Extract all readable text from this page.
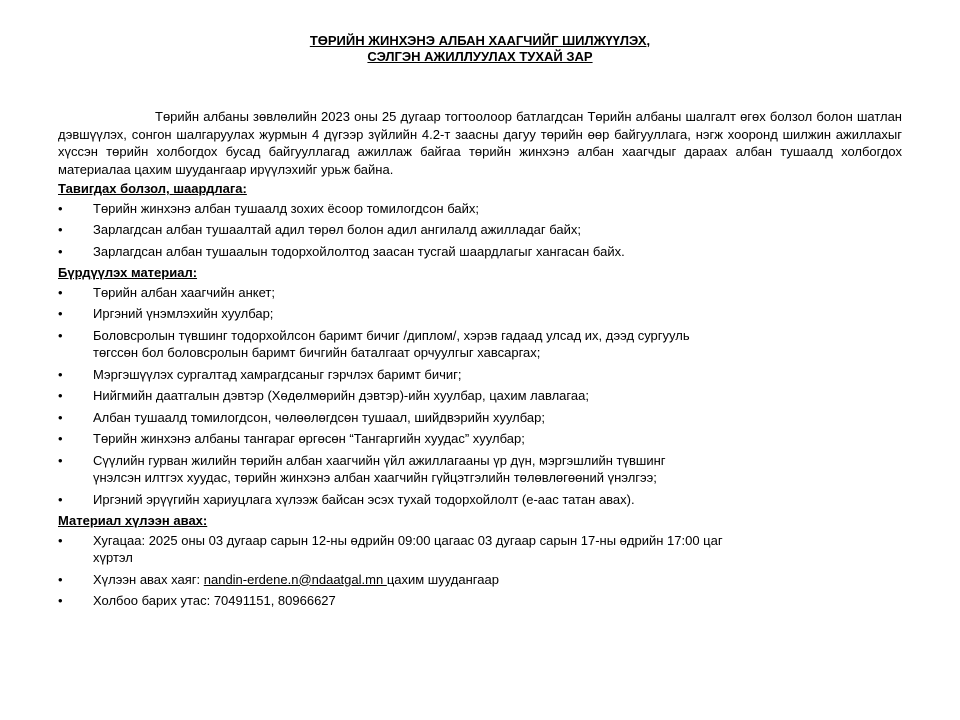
ТӨРИЙН ЖИНХЭНЭ АЛБАН ХААГЧИЙГ ШИЛЖҮҮЛЭХ,
СЭЛГЭН АЖИЛЛУУЛАХ ТУХАЙ ЗАР
Төрийн албаны зөвлөлийн 2023 оны 25 дугаар тогтоолоор батлагдсан Төрийн албаны шалгалт өгөх болзол болон шатлан дэвшүүлэх, сонгон шалгаруулах журмын 4 дүгээр зүйлийн 4.2-т заасны дагуу төрийн өөр байгууллага, нэгж хооронд шилжин ажиллахыг хүссэн төрийн холбогдох бусад байгууллагад ажиллаж байгаа төрийн жинхэнэ албан хаагчдыг дараах албан тушаалд холбогдох материалаа цахим шуудангаар ирүүлэхийг урьж байна.
Тавигдах болзол, шаардлага:
•	Төрийн жинхэнэ албан тушаалд зохих ёсоор томилогдсон байх;
•	Зарлагдсан албан тушаалтай адил төрөл болон адил ангилалд ажилладаг байх;
•	Зарлагдсан албан тушаалын тодорхойлолтод заасан тусгай шаардлагыг хангасан байх.
Бүрдүүлэх материал:
•	Төрийн албан хаагчийн анкет;
•	Иргэний үнэмлэхийн хуулбар;
•	Боловсролын түвшинг тодорхойлсон баримт бичиг /диплом/, хэрэв гадаад улсад их, дээд сургууль төгссөн бол боловсролын баримт бичгийн баталгаат орчуулгыг хавсаргах;
•	Мэргэшүүлэх сургалтад хамрагдсаныг гэрчлэх баримт бичиг;
•	Нийгмийн даатгалын дэвтэр (Хөдөлмөрийн дэвтэр)-ийн хуулбар, цахим лавлагаа;
•	Албан тушаалд томилогдсон, чөлөөлөгдсөн тушаал, шийдвэрийн хуулбар;
•	Төрийн жинхэнэ албаны тангараг өргөсөн “Тангаргийн хуудас” хуулбар;
•	Сүүлийн гурван жилийн төрийн албан хаагчийн үйл ажиллагааны үр дүн, мэргэшлийн түвшинг үнэлсэн илтгэх хуудас, төрийн жинхэнэ албан хаагчийн гүйцэтгэлийн төлөвлөгөөний үнэлгээ;
•	Иргэний эрүүгийн хариуцлага хүлээж байсан эсэх тухай тодорхойлолт (е-аас татан авах).
Материал хүлээн авах:
•	Хугацаа: 2025 оны 03 дугаар сарын 12-ны өдрийн 09:00 цагаас 03 дугаар сарын 17-ны өдрийн 17:00 цаг хүртэл
•	Хүлээн авах хаяг: nandin-erdene.n@ndaatgal.mn цахим шуудангаар
•	Холбоо барих утас: 70491151, 80966627
